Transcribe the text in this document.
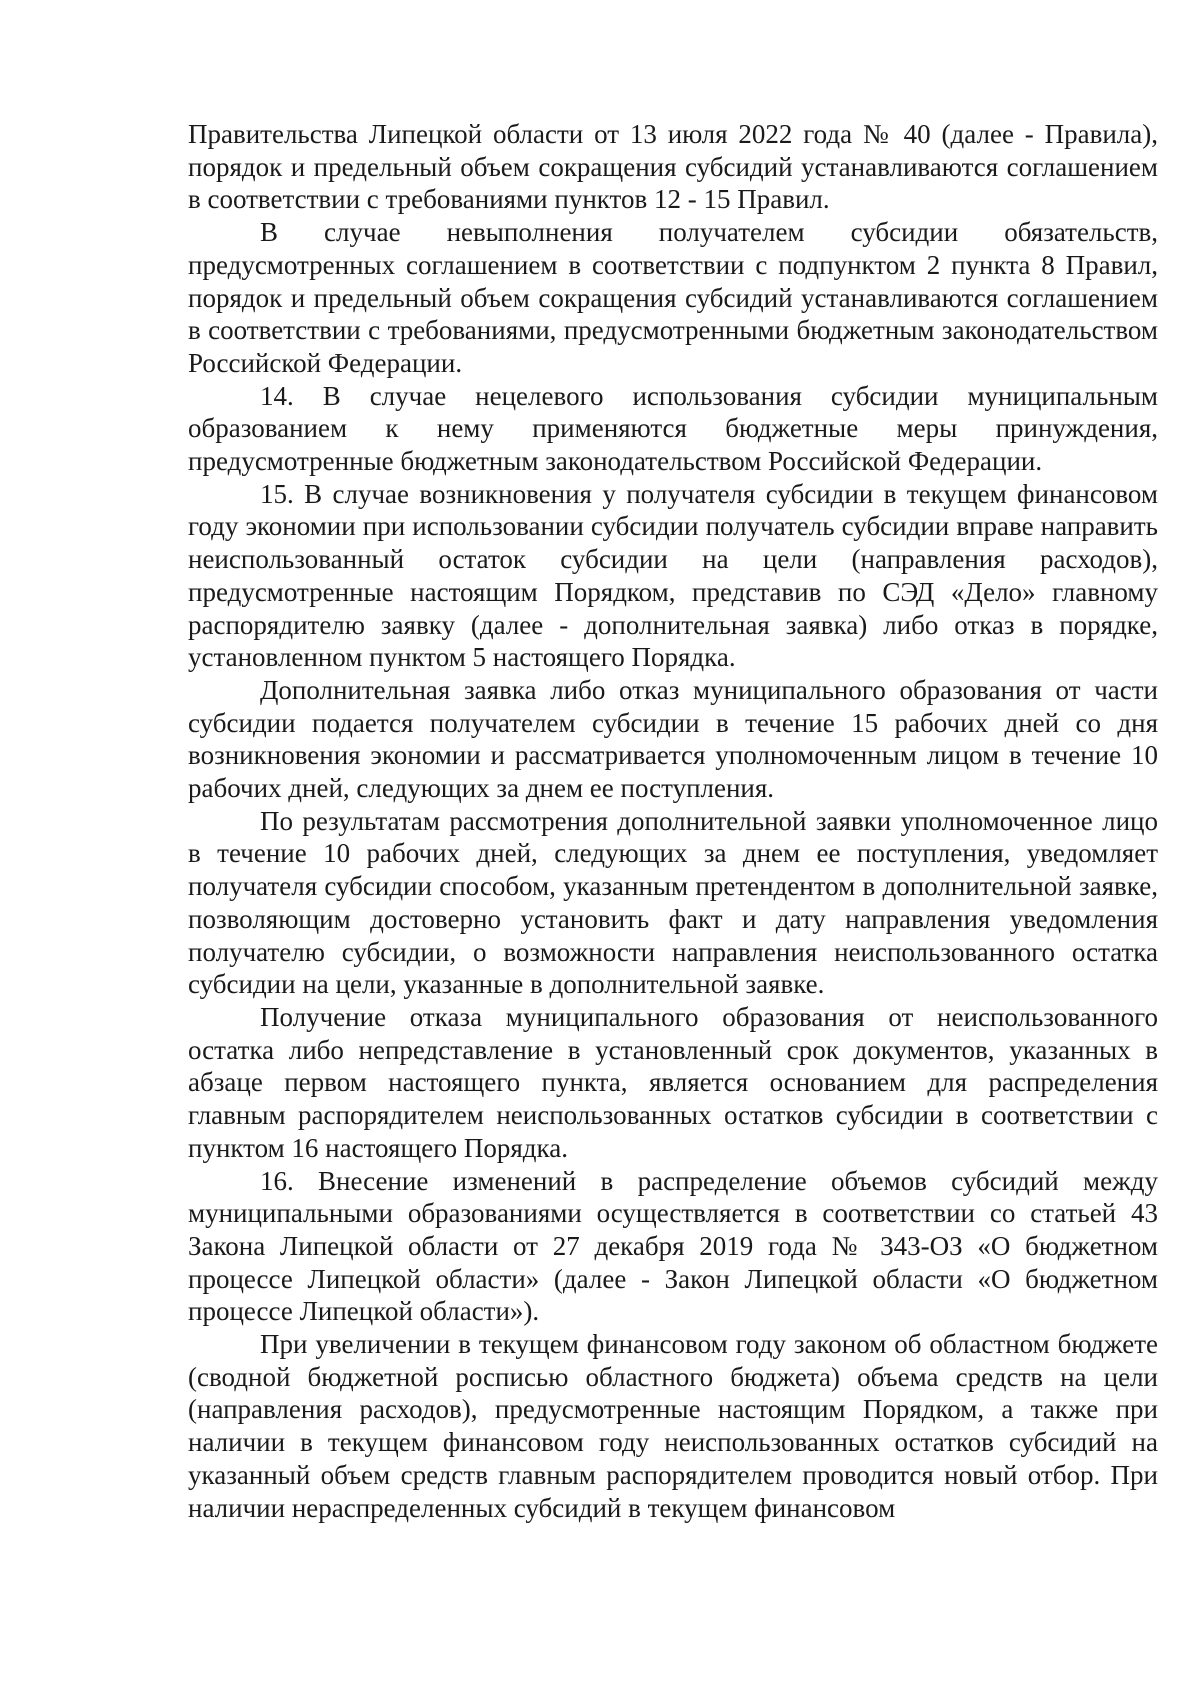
Правительства Липецкой области от 13 июля 2022 года № 40 (далее - Правила), порядок и предельный объем сокращения субсидий устанавливаются соглашением в соответствии с требованиями пунктов 12 - 15 Правил.

В случае невыполнения получателем субсидии обязательств, предусмотренных соглашением в соответствии с подпунктом 2 пункта 8 Правил, порядок и предельный объем сокращения субсидий устанавливаются соглашением в соответствии с требованиями, предусмотренными бюджетным законодательством Российской Федерации.

14. В случае нецелевого использования субсидии муниципальным образованием к нему применяются бюджетные меры принуждения, предусмотренные бюджетным законодательством Российской Федерации.

15. В случае возникновения у получателя субсидии в текущем финансовом году экономии при использовании субсидии получатель субсидии вправе направить неиспользованный остаток субсидии на цели (направления расходов), предусмотренные настоящим Порядком, представив по СЭД «Дело» главному распорядителю заявку (далее - дополнительная заявка) либо отказ в порядке, установленном пунктом 5 настоящего Порядка.

Дополнительная заявка либо отказ муниципального образования от части субсидии подается получателем субсидии в течение 15 рабочих дней со дня возникновения экономии и рассматривается уполномоченным лицом в течение 10 рабочих дней, следующих за днем ее поступления.

По результатам рассмотрения дополнительной заявки уполномоченное лицо в течение 10 рабочих дней, следующих за днем ее поступления, уведомляет получателя субсидии способом, указанным претендентом в дополнительной заявке, позволяющим достоверно установить факт и дату направления уведомления получателю субсидии, о возможности направления неиспользованного остатка субсидии на цели, указанные в дополнительной заявке.

Получение отказа муниципального образования от неиспользованного остатка либо непредставление в установленный срок документов, указанных в абзаце первом настоящего пункта, является основанием для распределения главным распорядителем неиспользованных остатков субсидии в соответствии с пунктом 16 настоящего Порядка.

16. Внесение изменений в распределение объемов субсидий между муниципальными образованиями осуществляется в соответствии со статьей 43 Закона Липецкой области от 27 декабря 2019 года № 343-ОЗ «О бюджетном процессе Липецкой области» (далее - Закон Липецкой области «О бюджетном процессе Липецкой области»).

При увеличении в текущем финансовом году законом об областном бюджете (сводной бюджетной росписью областного бюджета) объема средств на цели (направления расходов), предусмотренные настоящим Порядком, а также при наличии в текущем финансовом году неиспользованных остатков субсидий на указанный объем средств главным распорядителем проводится новый отбор. При наличии нераспределенных субсидий в текущем финансовом
